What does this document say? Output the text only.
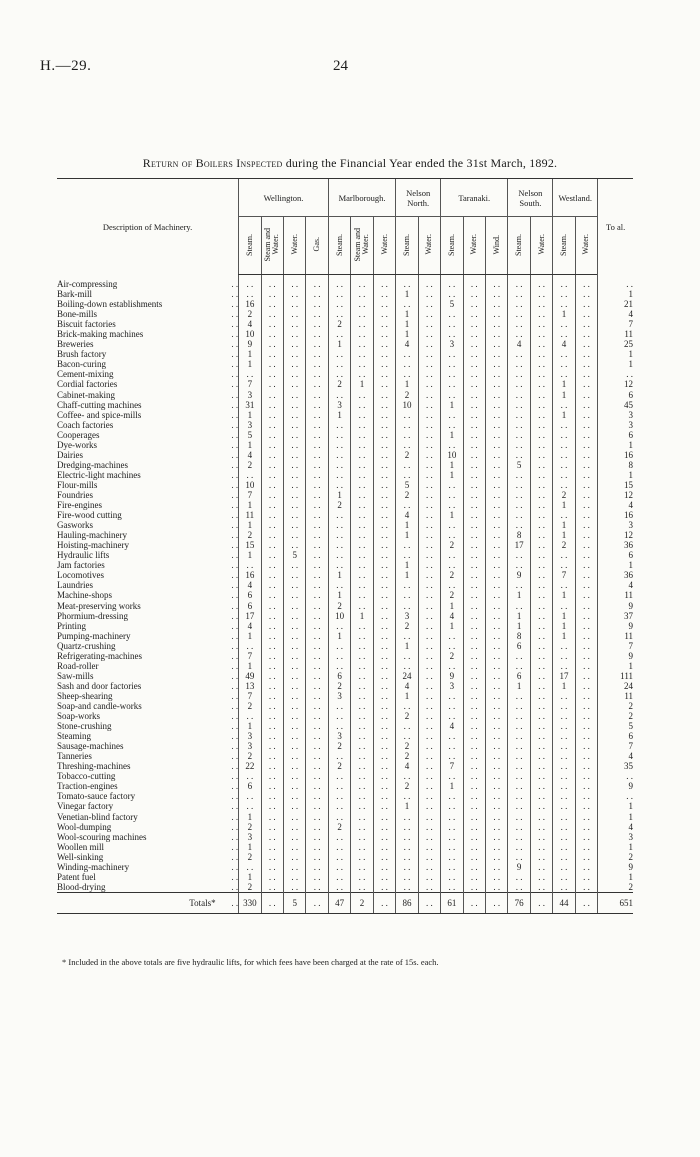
H.—29.	24
Return of Boilers Inspected during the Financial Year ended the 31st March, 1892.
Description of Machinery.		Wellington.				Marlborough.			Nelson
North.		Taranaki.			Nelson
South.		Westland.		To al.
		Steam.	Steam and
Water.	Water.	Gas.	Steam.	Steam and
Water.	Water.	Steam.	Water.	Steam.	Water.	Wind.	Steam.	Water.	Steam.	Water.	

Air-compressing	. .	. .	. .	. .	. .	. .	. .	. .	. .	. .	. .	. .	. .	. .	. .	. .	. .	. .
Bark-mill	. .	. .	. .	. .	. .	. .	. .	. .	1	. .	. .	. .	. .	. .	. .	. .	. .	1
Boiling-down establishments	. .	16	. .	. .	. .	. .	. .	. .	. .	. .	5	. .	. .	. .	. .	. .	. .	21
Bone-mills	. .	2	. .	. .	. .	. .	. .	. .	1	. .	. .	. .	. .	. .	. .	1	. .	4
Biscuit factories	. .	4	. .	. .	. .	2	. .	. .	1	. .	. .	. .	. .	. .	. .	. .	. .	7
Brick-making machines	. .	10	. .	. .	. .	. .	. .	. .	1	. .	. .	. .	. .	. .	. .	. .	. .	11
Breweries	. .	9	. .	. .	. .	1	. .	. .	4	. .	3	. .	. .	4	. .	4	. .	25
Brush factory	. .	1	. .	. .	. .	. .	. .	. .	. .	. .	. .	. .	. .	. .	. .	. .	. .	1
Bacon-curing	. .	1	. .	. .	. .	. .	. .	. .	. .	. .	. .	. .	. .	. .	. .	. .	. .	1
Cement-mixing	. .	. .	. .	. .	. .	. .	. .	. .	. .	. .	. .	. .	. .	. .	. .	. .	. .	. .
Cordial factories	. .	7	. .	. .	. .	2	1	. .	1	. .	. .	. .	. .	. .	. .	1	. .	12
Cabinet-making	. .	3	. .	. .	. .	. .	. .	. .	2	. .	. .	. .	. .	. .	. .	1	. .	6
Chaff-cutting machines	. .	31	. .	. .	. .	3	. .	. .	10	. .	1	. .	. .	. .	. .	. .	. .	45
Coffee- and spice-mills	. .	1	. .	. .	. .	1	. .	. .	. .	. .	. .	. .	. .	. .	. .	1	. .	3
Coach factories	. .	3	. .	. .	. .	. .	. .	. .	. .	. .	. .	. .	. .	. .	. .	. .	. .	3
Cooperages	. .	5	. .	. .	. .	. .	. .	. .	. .	. .	1	. .	. .	. .	. .	. .	. .	6
Dye-works	. .	1	. .	. .	. .	. .	. .	. .	. .	. .	. .	. .	. .	. .	. .	. .	. .	1
Dairies	. .	4	. .	. .	. .	. .	. .	. .	2	. .	10	. .	. .	. .	. .	. .	. .	16
Dredging-machines	. .	2	. .	. .	. .	. .	. .	. .	. .	. .	1	. .	. .	5	. .	. .	. .	8
Electric-light machines	. .	. .	. .	. .	. .	. .	. .	. .	. .	. .	1	. .	. .	. .	. .	. .	. .	1
Flour-mills	. .	10	. .	. .	. .	. .	. .	. .	5	. .	. .	. .	. .	. .	. .	. .	. .	15
Foundries	. .	7	. .	. .	. .	1	. .	. .	2	. .	. .	. .	. .	. .	. .	2	. .	12
Fire-engines	. .	1	. .	. .	. .	2	. .	. .	. .	. .	. .	. .	. .	. .	. .	1	. .	4
Fire-wood cutting	. .	11	. .	. .	. .	. .	. .	. .	4	. .	1	. .	. .	. .	. .	. .	. .	16
Gasworks	. .	1	. .	. .	. .	. .	. .	. .	1	. .	. .	. .	. .	. .	. .	1	. .	3
Hauling-machinery	. .	2	. .	. .	. .	. .	. .	. .	1	. .	. .	. .	. .	8	. .	1	. .	12
Hoisting-machinery	. .	15	. .	. .	. .	. .	. .	. .	. .	. .	2	. .	. .	17	. .	2	. .	36
Hydraulic lifts	. .	1	. .	5	. .	. .	. .	. .	. .	. .	. .	. .	. .	. .	. .	. .	. .	6
Jam factories	. .	. .	. .	. .	. .	. .	. .	. .	1	. .	. .	. .	. .	. .	. .	. .	. .	1
Locomotives	. .	16	. .	. .	. .	1	. .	. .	1	. .	2	. .	. .	9	. .	7	. .	36
Laundries	. .	4	. .	. .	. .	. .	. .	. .	. .	. .	. .	. .	. .	. .	. .	. .	. .	4
Machine-shops	. .	6	. .	. .	. .	1	. .	. .	. .	. .	2	. .	. .	1	. .	1	. .	11
Meat-preserving works	. .	6	. .	. .	. .	2	. .	. .	. .	. .	1	. .	. .	. .	. .	. .	. .	9
Phormium-dressing	. .	17	. .	. .	. .	10	1	. .	3	. .	4	. .	. .	1	. .	1	. .	37
Printing	. .	4	. .	. .	. .	. .	. .	. .	2	. .	1	. .	. .	1	. .	1	. .	9
Pumping-machinery	. .	1	. .	. .	. .	1	. .	. .	. .	. .	. .	. .	. .	8	. .	1	. .	11
Quartz-crushing	. .	. .	. .	. .	. .	. .	. .	. .	1	. .	. .	. .	. .	6	. .	. .	. .	7
Refrigerating-machines	. .	7	. .	. .	. .	. .	. .	. .	. .	. .	2	. .	. .	. .	. .	. .	. .	9
Road-roller	. .	1	. .	. .	. .	. .	. .	. .	. .	. .	. .	. .	. .	. .	. .	. .	. .	1
Saw-mills	. .	49	. .	. .	. .	6	. .	. .	24	. .	9	. .	. .	6	. .	17	. .	111
Sash and door factories	. .	13	. .	. .	. .	2	. .	. .	4	. .	3	. .	. .	1	. .	1	. .	24
Sheep-shearing	. .	7	. .	. .	. .	3	. .	. .	1	. .	. .	. .	. .	. .	. .	. .	. .	11
Soap-and candle-works	. .	2	. .	. .	. .	. .	. .	. .	. .	. .	. .	. .	. .	. .	. .	. .	. .	2
Soap-works	. .	. .	. .	. .	. .	. .	. .	. .	2	. .	. .	. .	. .	. .	. .	. .	. .	2
Stone-crushing	. .	1	. .	. .	. .	. .	. .	. .	. .	. .	4	. .	. .	. .	. .	. .	. .	5
Steaming	. .	3	. .	. .	. .	3	. .	. .	. .	. .	. .	. .	. .	. .	. .	. .	. .	6
Sausage-machines	. .	3	. .	. .	. .	2	. .	. .	2	. .	. .	. .	. .	. .	. .	. .	. .	7
Tanneries	. .	2	. .	. .	. .	. .	. .	. .	2	. .	. .	. .	. .	. .	. .	. .	. .	4
Threshing-machines	. .	22	. .	. .	. .	2	. .	. .	4	. .	7	. .	. .	. .	. .	. .	. .	35
Tobacco-cutting	. .	. .	. .	. .	. .	. .	. .	. .	. .	. .	. .	. .	. .	. .	. .	. .	. .	. .
Traction-engines	. .	6	. .	. .	. .	. .	. .	. .	2	. .	1	. .	. .	. .	. .	. .	. .	9
Tomato-sauce factory	. .	. .	. .	. .	. .	. .	. .	. .	. .	. .	. .	. .	. .	. .	. .	. .	. .	. .
Vinegar factory	. .	. .	. .	. .	. .	. .	. .	. .	1	. .	. .	. .	. .	. .	. .	. .	. .	1
Venetian-blind factory	. .	1	. .	. .	. .	. .	. .	. .	. .	. .	. .	. .	. .	. .	. .	. .	. .	1
Wool-dumping	. .	2	. .	. .	. .	2	. .	. .	. .	. .	. .	. .	. .	. .	. .	. .	. .	4
Wool-scouring machines	. .	3	. .	. .	. .	. .	. .	. .	. .	. .	. .	. .	. .	. .	. .	. .	. .	3
Woollen mill	. .	1	. .	. .	. .	. .	. .	. .	. .	. .	. .	. .	. .	. .	. .	. .	. .	1
Well-sinking	. .	2	. .	. .	. .	. .	. .	. .	. .	. .	. .	. .	. .	. .	. .	. .	. .	2
Winding-machinery	. .	. .	. .	. .	. .	. .	. .	. .	. .	. .	. .	. .	. .	9	. .	. .	. .	9
Patent fuel	. .	1	. .	. .	. .	. .	. .	. .	. .	. .	. .	. .	. .	. .	. .	. .	. .	1
Blood-drying	. .	2	. .	. .	. .	. .	. .	. .	. .	. .	. .	. .	. .	. .	. .	. .	. .	2
Totals*	. .	330	. .	5	. .	47	2	. .	86	. .	61	. .	. .	76	. .	44	. .	651
* Included in the above totals are five hydraulic lifts, for which fees have been charged at the rate of 15s. each.
